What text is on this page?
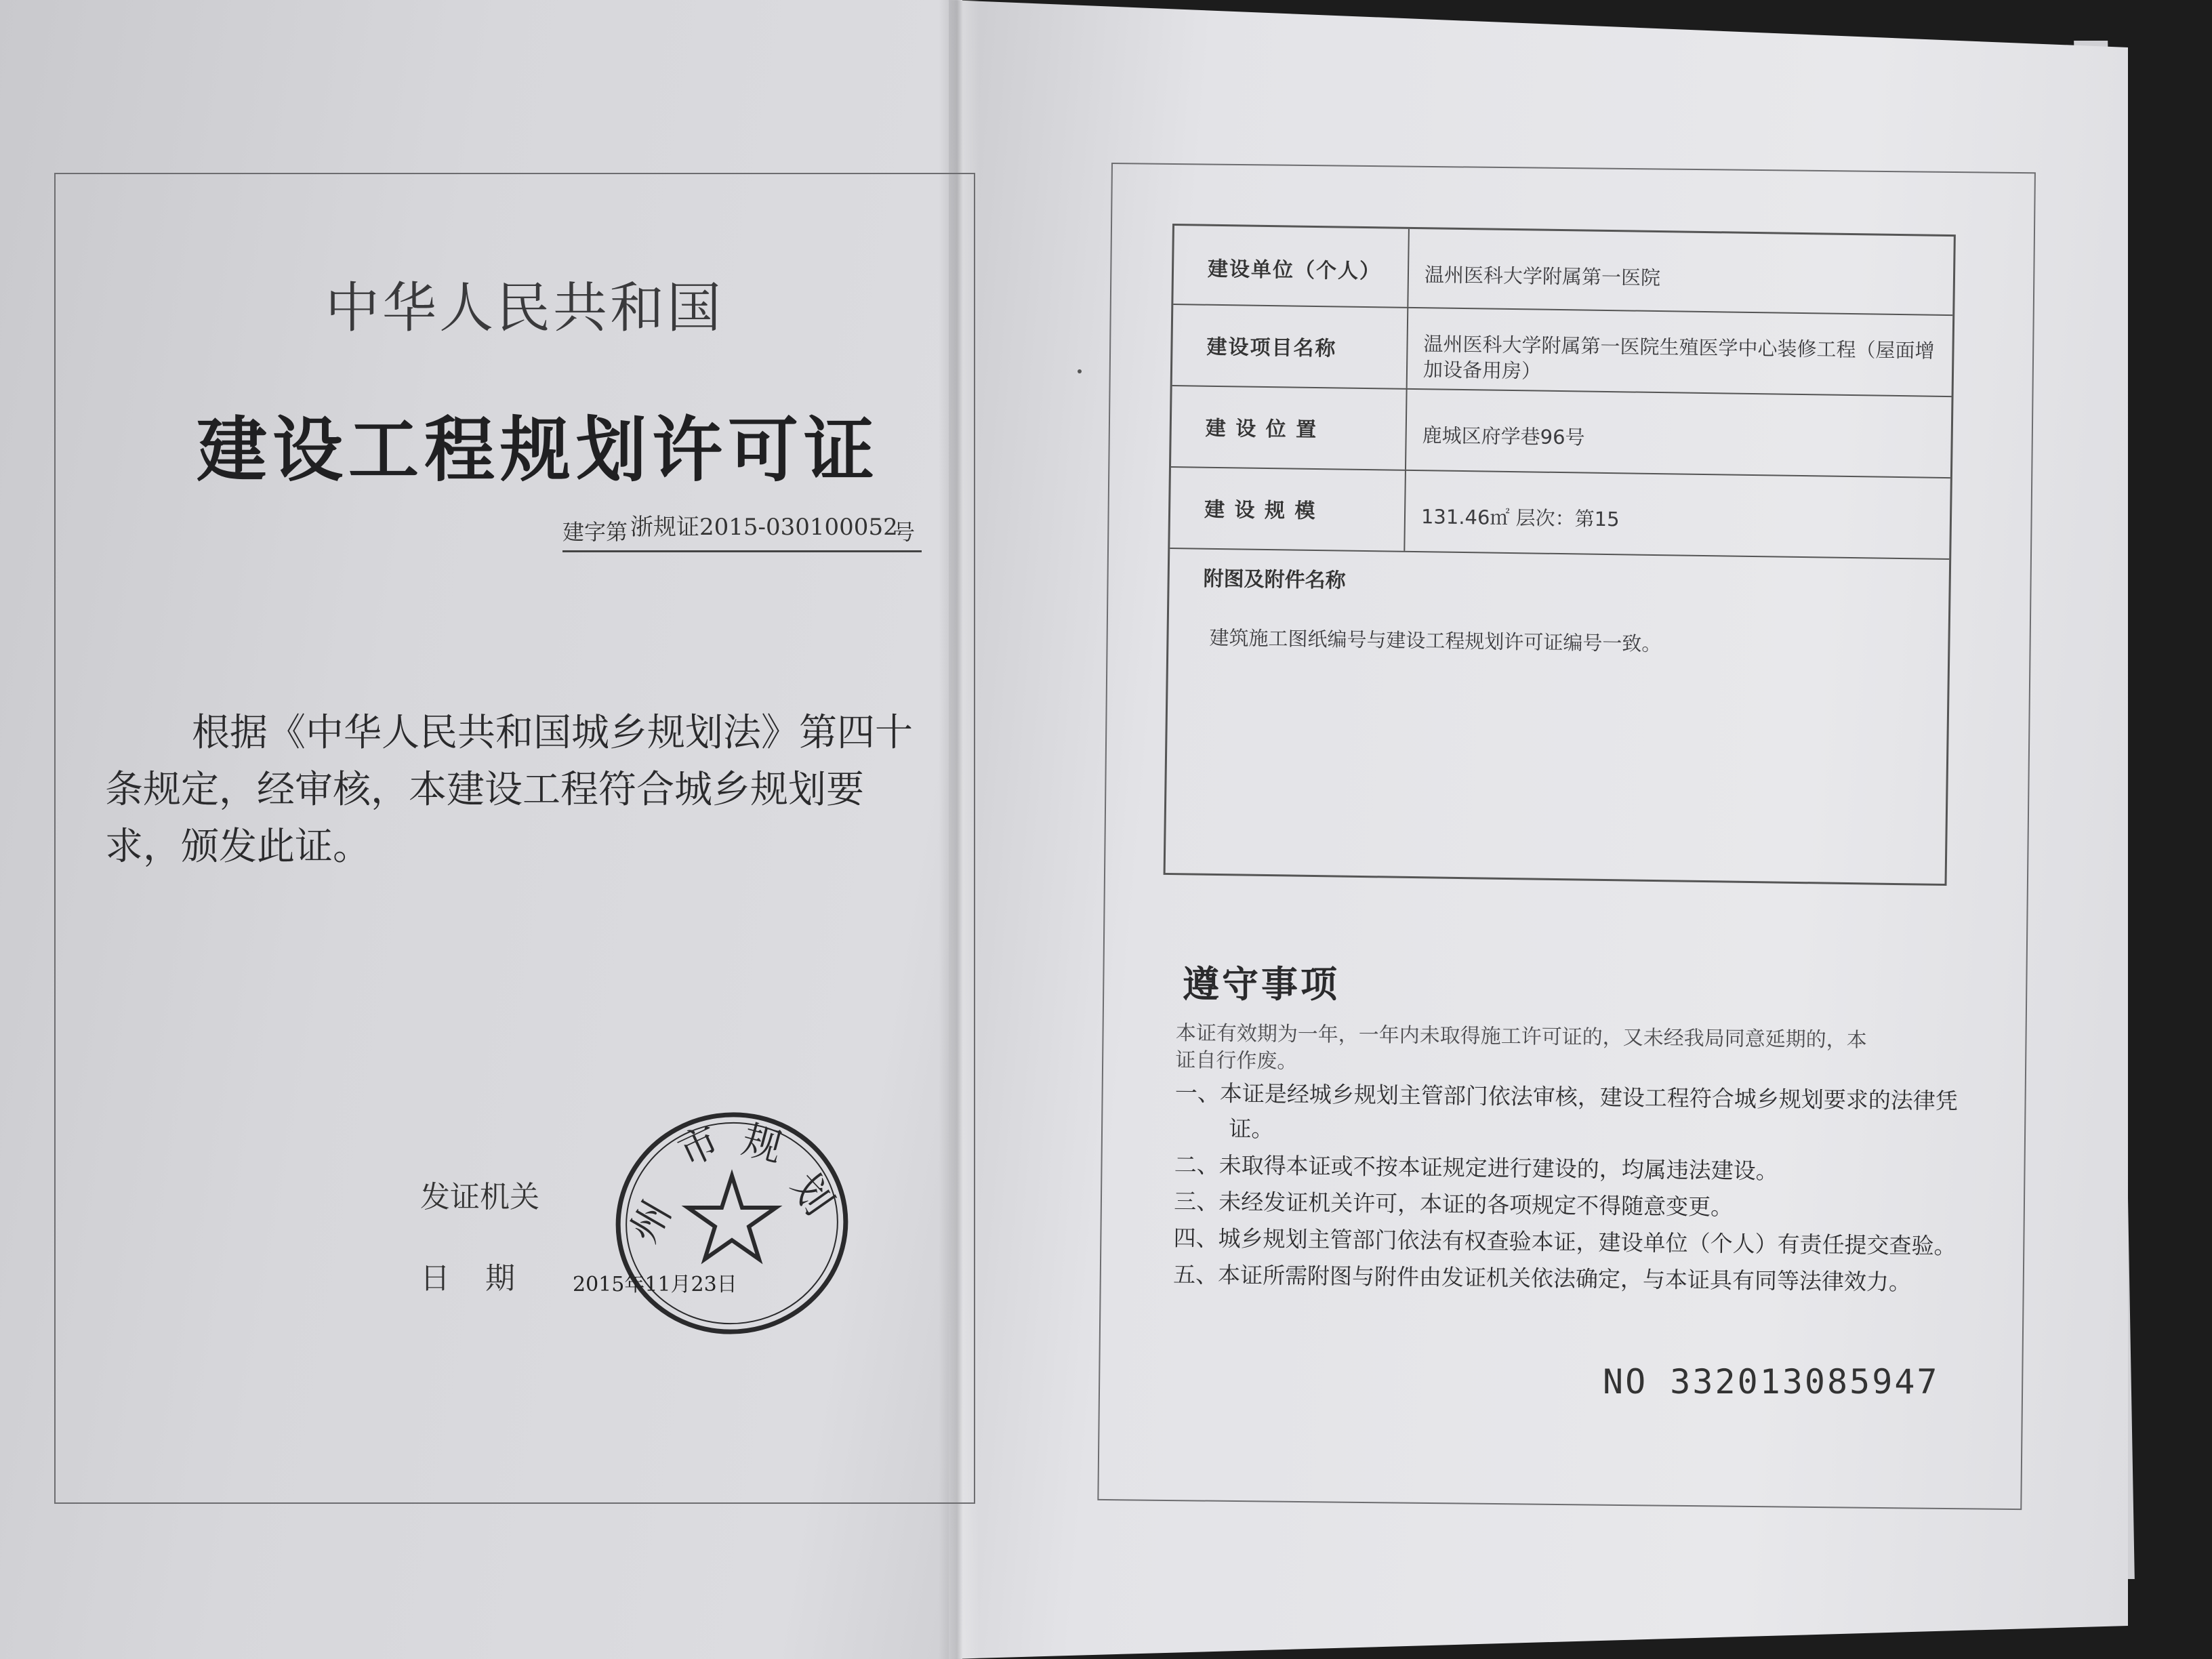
中华人民共和国
建设工程规划许可证
建字第 浙规证2015-030100052
号
根据《中华人民共和国城乡规划法》第四十条规定，经审核，本建设工程符合城乡规划要求，颁发此证。
发证机关
日期
州
市 规
划
2015年11月23日
建设单位（个人） 温州医科大学附属第一医院
建设项目名称	温州医科大学附属第一医院生殖医学中心装修工程（屋面增加设备用房）
建 设 位 置	鹿城区府学巷96号
建 设 规 模	131.46㎡ 层次：第15
附图及附件名称
建筑施工图纸编号与建设工程规划许可证编号一致。
遵守事项
本证有效期为一年，一年内未取得施工许可证的，又未经我局同意延期的，本证自行作废。
一、本证是经城乡规划主管部门依法审核，建设工程符合城乡规划要求的法律凭证。
二、未取得本证或不按本证规定进行建设的，均属违法建设。
三、未经发证机关许可，本证的各项规定不得随意变更。
四、城乡规划主管部门依法有权查验本证，建设单位（个人）有责任提交查验。
五、本证所需附图与附件由发证机关依法确定，与本证具有同等法律效力。
NO 332013085947
